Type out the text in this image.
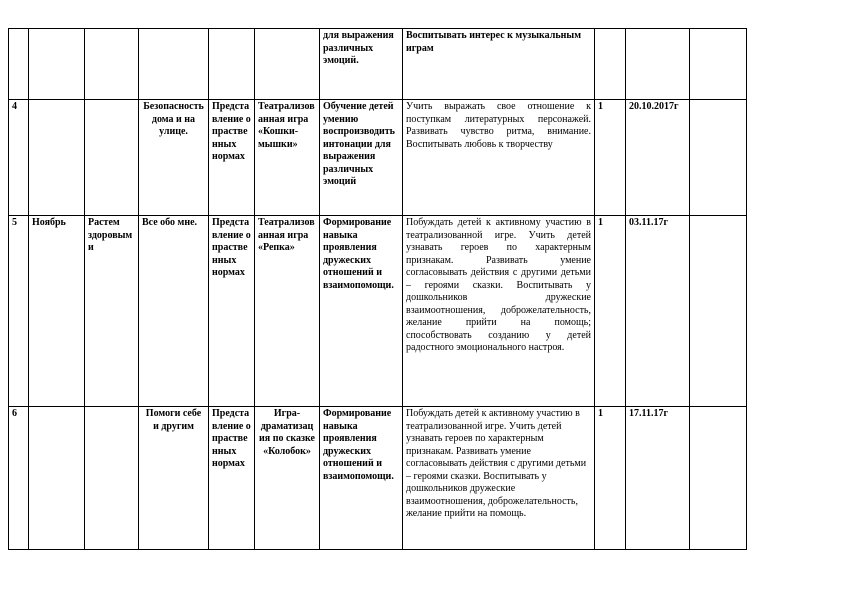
						для выражения различных эмоций.	Воспитывать интерес к музыкальным играм			
4			Безопасность дома и на улице.	Представление о праственных нормах	Театрализованная игра «Кошки-мышки»	Обучение детей умению воспроизводить интонации для выражения различных эмоций	Учить выражать свое отношение к поступкам литературных персонажей. Развивать чувство ритма, внимание. Воспитывать любовь к творчеству	1	20.10.2017г	
5	Ноябрь	Растем здоровыми	Все обо мне.	Представление о праственных нормах	Театрализованная игра «Репка»	Формирование навыка проявления дружеских отношений и взаимопомощи.	Побуждать детей к активному участию в театрализованной игре. Учить детей узнавать героев по характерным признакам. Развивать умение согласовывать действия с другими детьми – героями сказки. Воспитывать у дошкольников дружеские взаимоотношения, доброжелательность, желание прийти на помощь; способствовать созданию у детей радостного эмоционального настроя.	1	03.11.17г	
6			Помоги себе и другим	Представление о праственных нормах	Игра-драматизация по сказке «Колобок»	Формирование навыка проявления дружеских отношений и взаимопомощи.	Побуждать детей к активному участию в театрализованной игре. Учить детей узнавать героев по характерным признакам. Развивать умение согласовывать действия с другими детьми – героями сказки. Воспитывать у дошкольников дружеские взаимоотношения, доброжелательность, желание прийти на помощь.	1	17.11.17г	
